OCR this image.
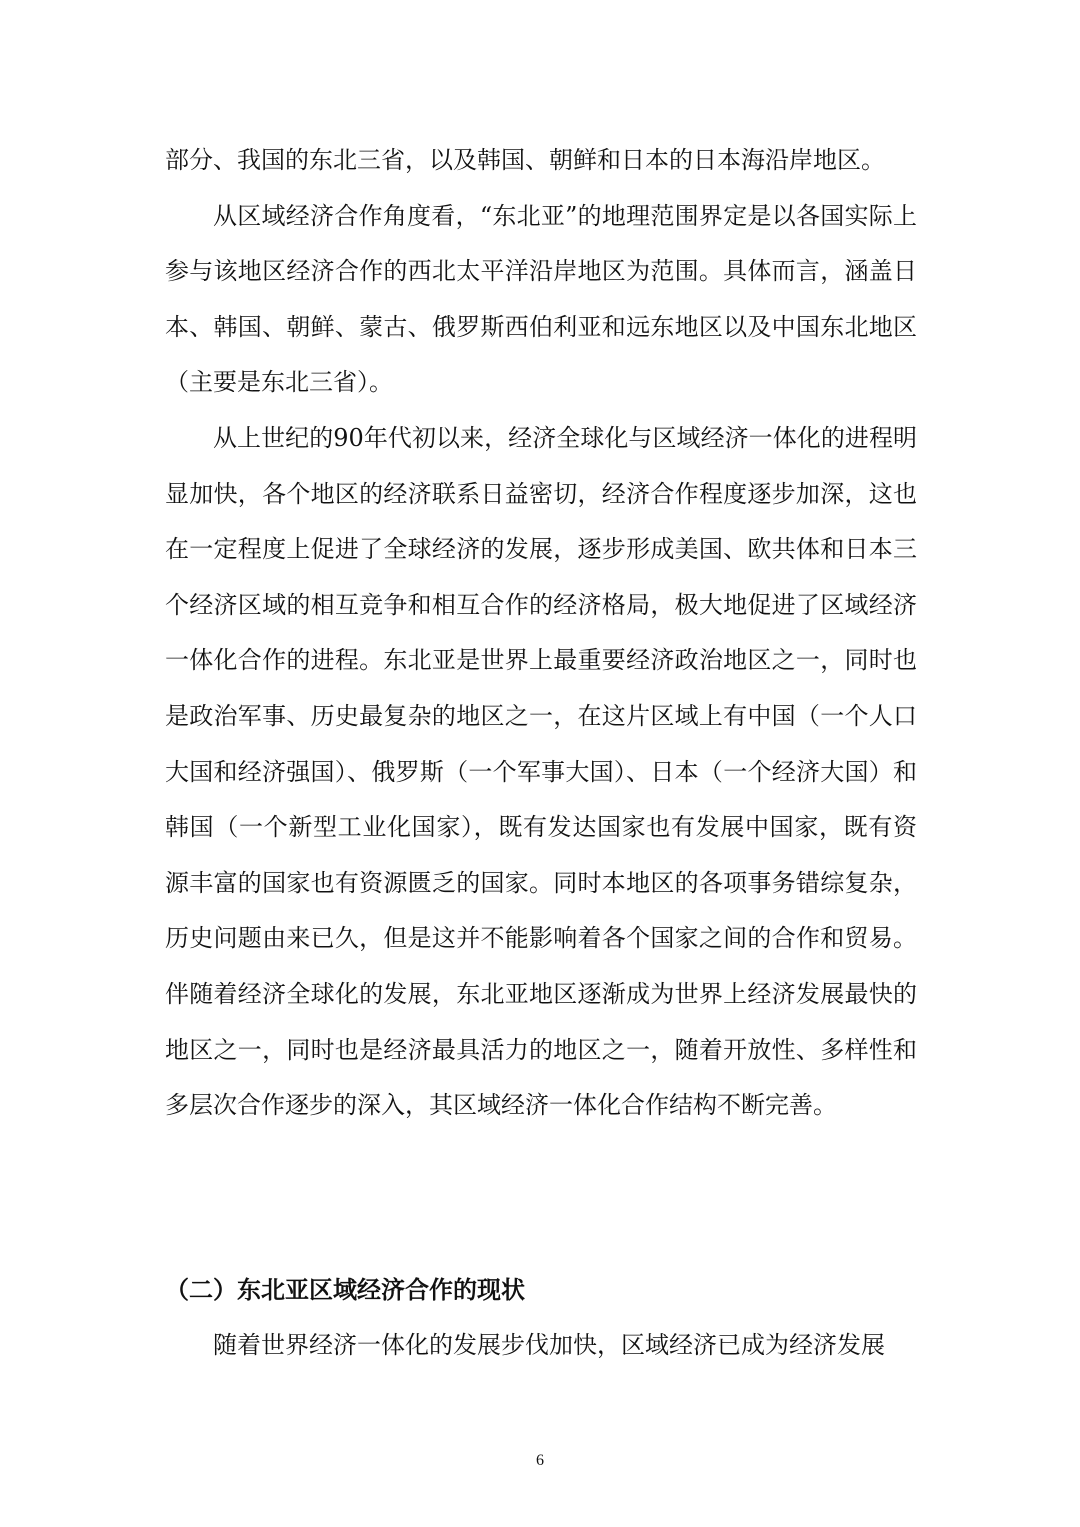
部分、我国的东北三省，以及韩国、朝鲜和日本的日本海沿岸地区。

从区域经济合作角度看，“东北亚”的地理范围界定是以各国实际上参与该地区经济合作的西北太平洋沿岸地区为范围。具体而言，涵盖日本、韩国、朝鲜、蒙古、俄罗斯西伯利亚和远东地区以及中国东北地区（主要是东北三省）。

从上世纪的90年代初以来，经济全球化与区域经济一体化的进程明显加快，各个地区的经济联系日益密切，经济合作程度逐步加深，这也在一定程度上促进了全球经济的发展，逐步形成美国、欧共体和日本三个经济区域的相互竞争和相互合作的经济格局，极大地促进了区域经济一体化合作的进程。东北亚是世界上最重要经济政治地区之一，同时也是政治军事、历史最复杂的地区之一，在这片区域上有中国（一个人口大国和经济强国）、俄罗斯（一个军事大国）、日本（一个经济大国）和韩国（一个新型工业化国家），既有发达国家也有发展中国家，既有资源丰富的国家也有资源匮乏的国家。同时本地区的各项事务错综复杂，历史问题由来已久，但是这并不能影响着各个国家之间的合作和贸易。伴随着经济全球化的发展，东北亚地区逐渐成为世界上经济发展最快的地区之一，同时也是经济最具活力的地区之一，随着开放性、多样性和多层次合作逐步的深入，其区域经济一体化合作结构不断完善。

（二）东北亚区域经济合作的现状

随着世界经济一体化的发展步伐加快，区域经济已成为经济发展

6
